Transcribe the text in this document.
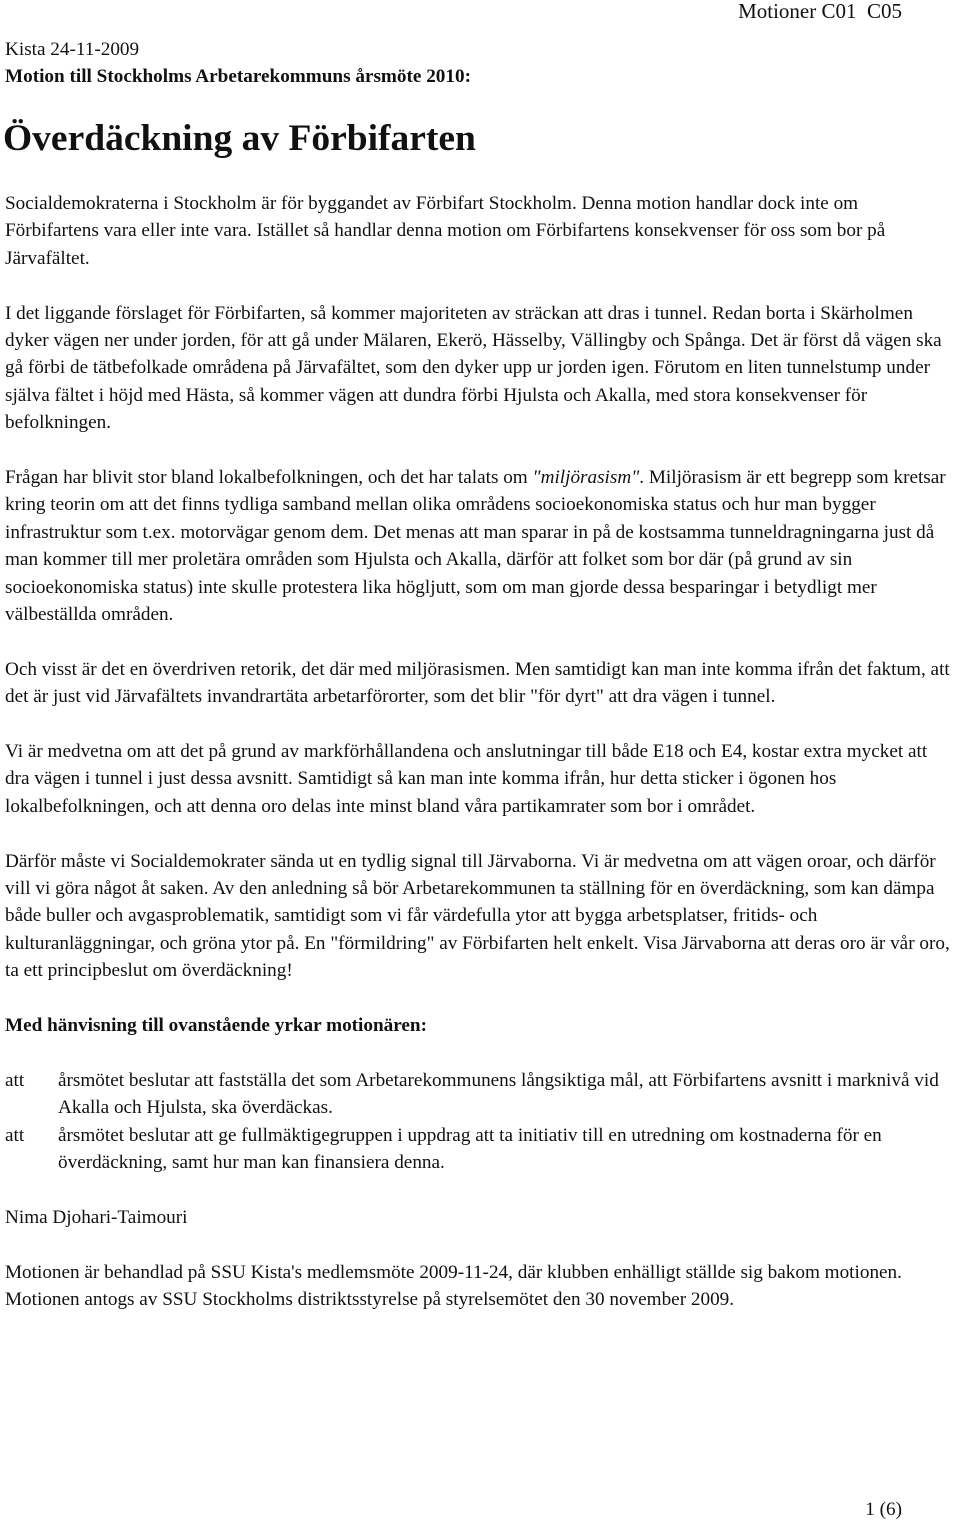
Motioner C01  C05
Kista 24-11-2009
Motion till Stockholms Arbetarekommuns årsmöte 2010:
Överdäckning av Förbifarten

Socialdemokraterna i Stockholm är för byggandet av Förbifart Stockholm. Denna motion handlar dock inte om Förbifartens vara eller inte vara. Istället så handlar denna motion om Förbifartens konsekvenser för oss som bor på Järvafältet.

I det liggande förslaget för Förbifarten, så kommer majoriteten av sträckan att dras i tunnel. Redan borta i Skärholmen dyker vägen ner under jorden, för att gå under Mälaren, Ekerö, Hässelby, Vällingby och Spånga. Det är först då vägen ska gå förbi de tätbefolkade områdena på Järvafältet, som den dyker upp ur jorden igen. Förutom en liten tunnelstump under själva fältet i höjd med Hästa, så kommer vägen att dundra förbi Hjulsta och Akalla, med stora konsekvenser för befolkningen.

Frågan har blivit stor bland lokalbefolkningen, och det har talats om "miljörasism". Miljörasism är ett begrepp som kretsar kring teorin om att det finns tydliga samband mellan olika områdens socioekonomiska status och hur man bygger infrastruktur som t.ex. motorvägar genom dem. Det menas att man sparar in på de kostsamma tunneldragningarna just då man kommer till mer proletära områden som Hjulsta och Akalla, därför att folket som bor där (på grund av sin socioekonomiska status) inte skulle protestera lika högljutt, som om man gjorde dessa besparingar i betydligt mer välbeställda områden.

Och visst är det en överdriven retorik, det där med miljörasismen. Men samtidigt kan man inte komma ifrån det faktum, att det är just vid Järvafältets invandrartäta arbetarförorter, som det blir "för dyrt" att dra vägen i tunnel.

Vi är medvetna om att det på grund av markförhållandena och anslutningar till både E18 och E4, kostar extra mycket att dra vägen i tunnel i just dessa avsnitt. Samtidigt så kan man inte komma ifrån, hur detta sticker i ögonen hos lokalbefolkningen, och att denna oro delas inte minst bland våra partikamrater som bor i området.

Därför måste vi Socialdemokrater sända ut en tydlig signal till Järvaborna. Vi är medvetna om att vägen oroar, och därför vill vi göra något åt saken. Av den anledning så bör Arbetarekommunen ta ställning för en överdäckning, som kan dämpa både buller och avgasproblematik, samtidigt som vi får värdefulla ytor att bygga arbetsplatser, fritids- och kulturanläggningar, och gröna ytor på. En "förmildring" av Förbifarten helt enkelt. Visa Järvaborna att deras oro är vår oro, ta ett principbeslut om överdäckning!

Med hänvisning till ovanstående yrkar motionären:

att	årsmötet beslutar att fastställa det som Arbetarekommunens långsiktiga mål, att Förbifartens avsnitt i marknivå vid Akalla och Hjulsta, ska överdäckas.
att	årsmötet beslutar att ge fullmäktigegruppen i uppdrag att ta initiativ till en utredning om kostnaderna för en överdäckning, samt hur man kan finansiera denna.

Nima Djohari-Taimouri

Motionen är behandlad på SSU Kista's medlemsmöte 2009-11-24, där klubben enhälligt ställde sig bakom motionen.

Motionen antogs av SSU Stockholms distriktsstyrelse på styrelsemötet den 30 november 2009.

1 (6)
